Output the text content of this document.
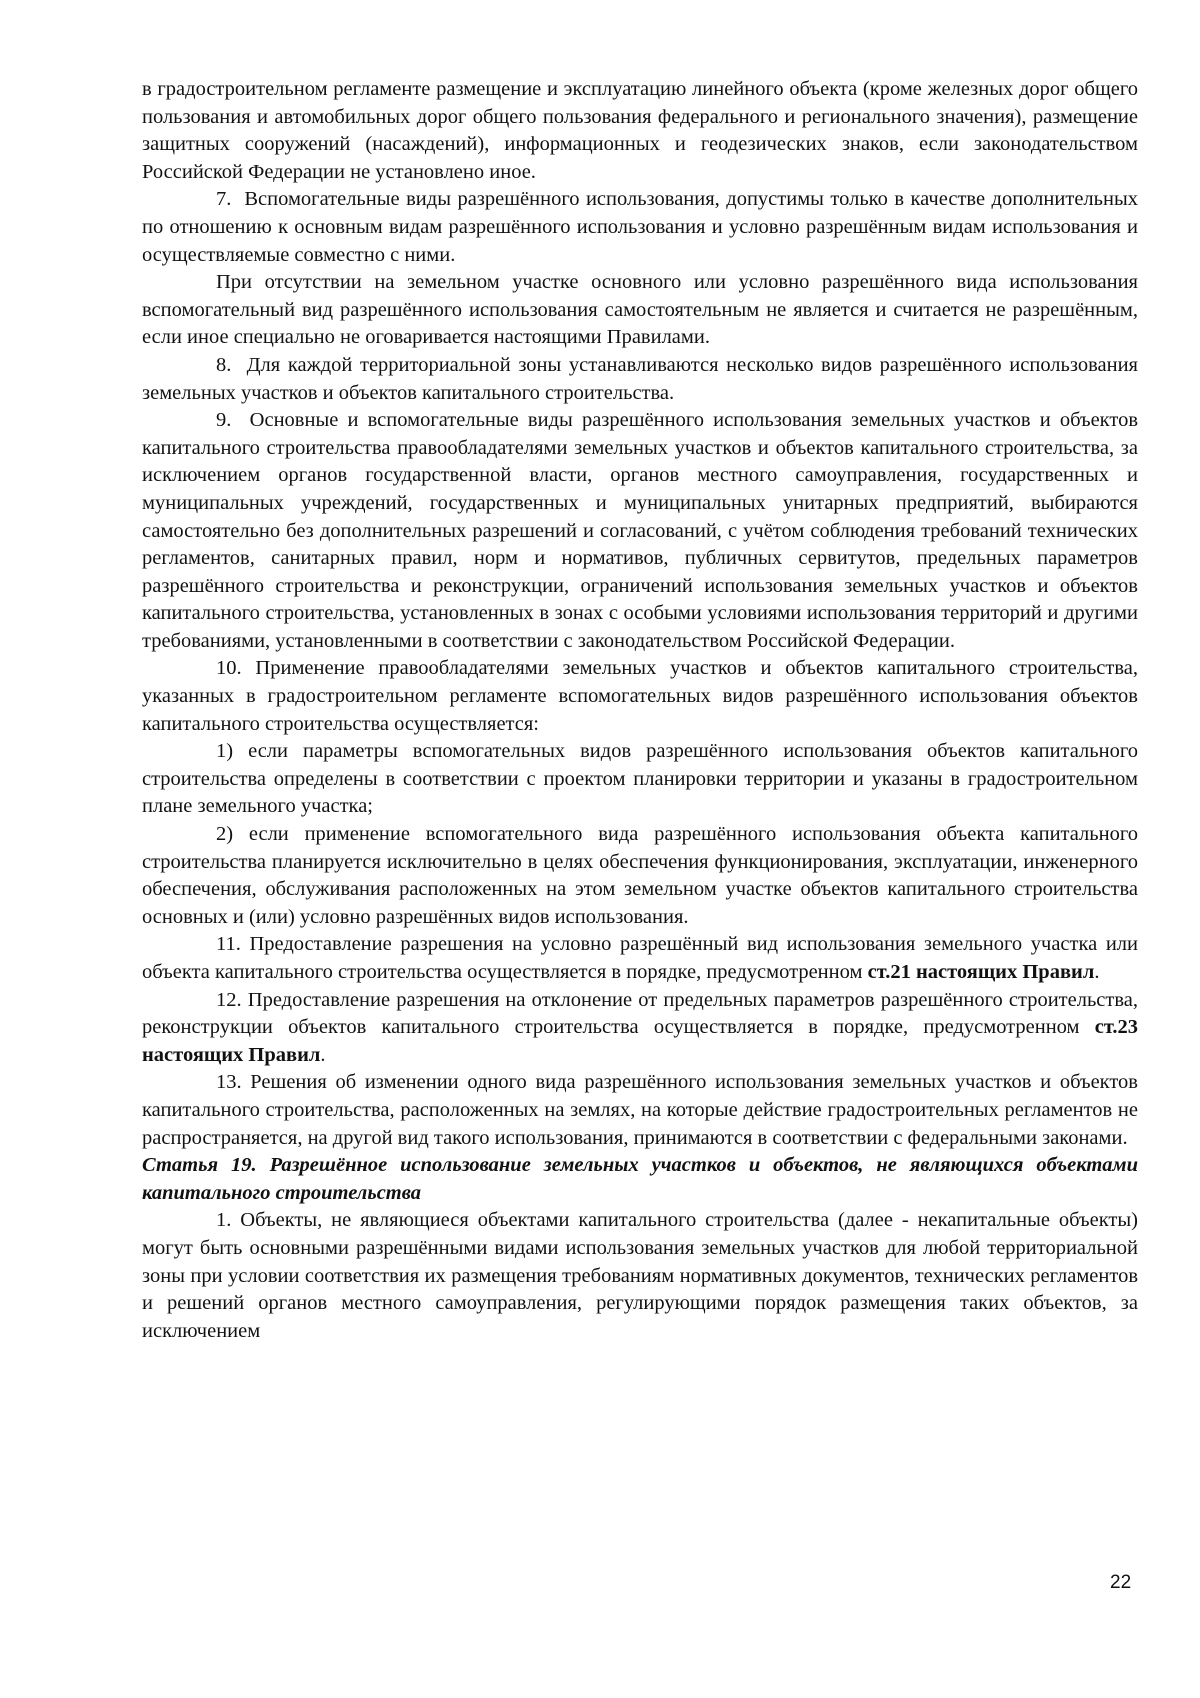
в градостроительном регламенте размещение и эксплуатацию линейного объекта (кроме железных дорог общего пользования и автомобильных дорог общего пользования федерального и регионального значения), размещение защитных сооружений (насаждений), информационных и геодезических знаков, если законодательством Российской Федерации не установлено иное.

7.  Вспомогательные виды разрешённого использования, допустимы только в качестве дополнительных по отношению к основным видам разрешённого использования и условно разрешённым видам использования и осуществляемые совместно с ними.

При отсутствии на земельном участке основного или условно разрешённого вида использования вспомогательный вид разрешённого использования самостоятельным не является и считается не разрешённым, если иное специально не оговаривается настоящими Правилами.

8.  Для каждой территориальной зоны устанавливаются несколько видов разрешённого использования земельных участков и объектов капитального строительства.

9.  Основные и вспомогательные виды разрешённого использования земельных участков и объектов капитального строительства правообладателями земельных участков и объектов капитального строительства, за исключением органов государственной власти, органов местного самоуправления, государственных и муниципальных учреждений, государственных и муниципальных унитарных предприятий, выбираются самостоятельно без дополнительных разрешений и согласований, с учётом соблюдения требований технических регламентов, санитарных правил, норм и нормативов, публичных сервитутов, предельных параметров разрешённого строительства и реконструкции, ограничений использования земельных участков и объектов капитального строительства, установленных в зонах с особыми условиями использования территорий и другими требованиями, установленными в соответствии с законодательством Российской Федерации.

10. Применение правообладателями земельных участков и объектов капитального строительства, указанных в градостроительном регламенте вспомогательных видов разрешённого использования объектов капитального строительства осуществляется:

1) если параметры вспомогательных видов разрешённого использования объектов капитального строительства определены в соответствии с проектом планировки территории и указаны в градостроительном плане земельного участка;

2) если применение вспомогательного вида разрешённого использования объекта капитального строительства планируется исключительно в целях обеспечения функционирования, эксплуатации, инженерного обеспечения, обслуживания расположенных на этом земельном участке объектов капитального строительства основных и (или) условно разрешённых видов использования.

11. Предоставление разрешения на условно разрешённый вид использования земельного участка или объекта капитального строительства осуществляется в порядке, предусмотренном ст.21 настоящих Правил.

12. Предоставление разрешения на отклонение от предельных параметров разрешённого строительства, реконструкции объектов капитального строительства осуществляется в порядке, предусмотренном ст.23 настоящих Правил.

13. Решения об изменении одного вида разрешённого использования земельных участков и объектов капитального строительства, расположенных на землях, на которые действие градостроительных регламентов не распространяется, на другой вид такого использования, принимаются в соответствии с федеральными законами.

Статья 19. Разрешённое использование земельных участков и объектов, не являющихся объектами капитального строительства

1. Объекты, не являющиеся объектами капитального строительства (далее - некапитальные объекты) могут быть основными разрешёнными видами использования земельных участков для любой территориальной зоны при условии соответствия их размещения требованиям нормативных документов, технических регламентов и решений органов местного самоуправления, регулирующими порядок размещения таких объектов, за исключением

22
